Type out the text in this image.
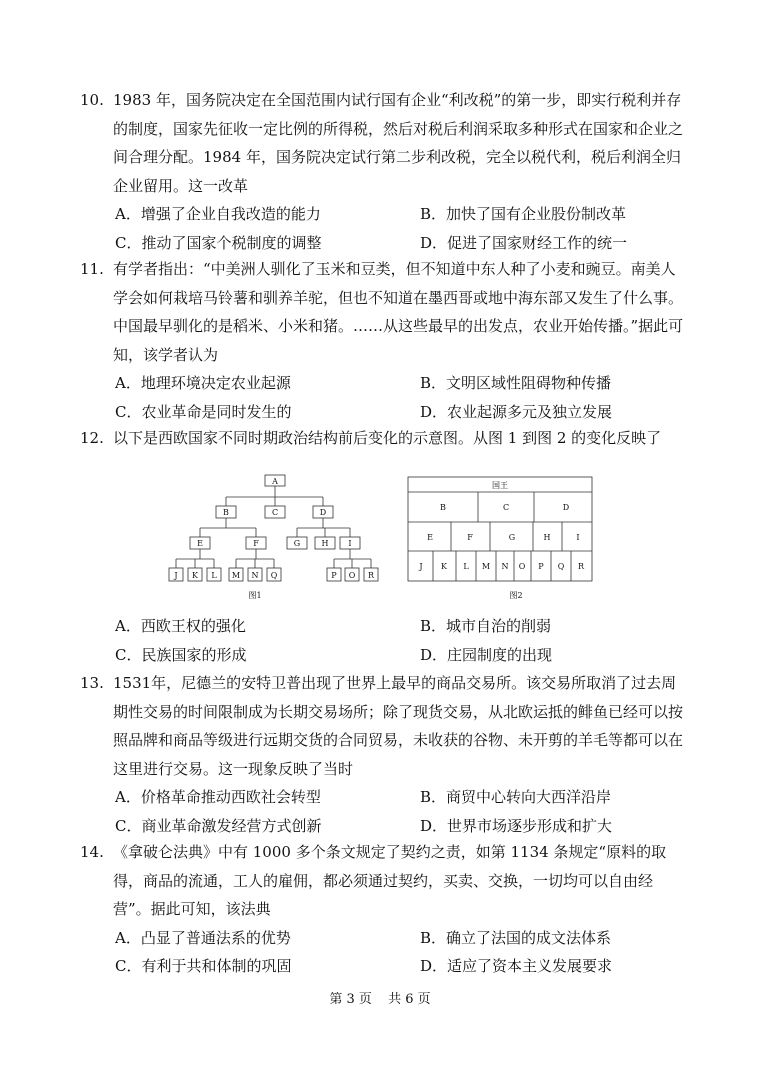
10. 1983 年，国务院决定在全国范围内试行国有企业“利改税”的第一步，即实行税利并存的制度，国家先征收一定比例的所得税，然后对税后利润采取多种形式在国家和企业之间合理分配。1984 年，国务院决定试行第二步利改税，完全以税代利，税后利润全归企业留用。这一改革

A．增强了企业自我改造的能力	B．加快了国有企业股份制改革
C．推动了国家个税制度的调整	D．促进了国家财经工作的统一

11. 有学者指出：“中美洲人驯化了玉米和豆类，但不知道中东人种了小麦和豌豆。南美人学会如何栽培马铃薯和驯养羊驼，但也不知道在墨西哥或地中海东部又发生了什么事。中国最早驯化的是稻米、小米和猪。……从这些最早的出发点，农业开始传播。”据此可知，该学者认为

A．地理环境决定农业起源	B．文明区域性阻碍物种传播
C．农业革命是同时发生的	D．农业起源多元及独立发展

12. 以下是西欧国家不同时期政治结构前后变化的示意图。从图 1 到图 2 的变化反映了

A
B	C	D
E	F	G	H I
J K L M N Q	P O R
图1
国王
B	C	D
E	F	G	H	I
J K L M N O P Q R
图2
A．西欧王权的强化	B．城市自治的削弱
C．民族国家的形成	D．庄园制度的出现

13. 1531年，尼德兰的安特卫普出现了世界上最早的商品交易所。该交易所取消了过去周期性交易的时间限制成为长期交易场所；除了现货交易，从北欧运抵的鲱鱼已经可以按照品牌和商品等级进行远期交货的合同贸易，未收获的谷物、未开剪的羊毛等都可以在这里进行交易。这一现象反映了当时

A．价格革命推动西欧社会转型	B．商贸中心转向大西洋沿岸
C．商业革命激发经营方式创新	D．世界市场逐步形成和扩大

14. 《拿破仑法典》中有 1000 多个条文规定了契约之责，如第 1134 条规定“原料的取得，商品的流通，工人的雇佣，都必须通过契约，买卖、交换，一切均可以自由经营”。据此可知，该法典

A．凸显了普通法系的优势	B．确立了法国的成文法体系
C．有利于共和体制的巩固	D．适应了资本主义发展要求
第 3 页 共 6 页
